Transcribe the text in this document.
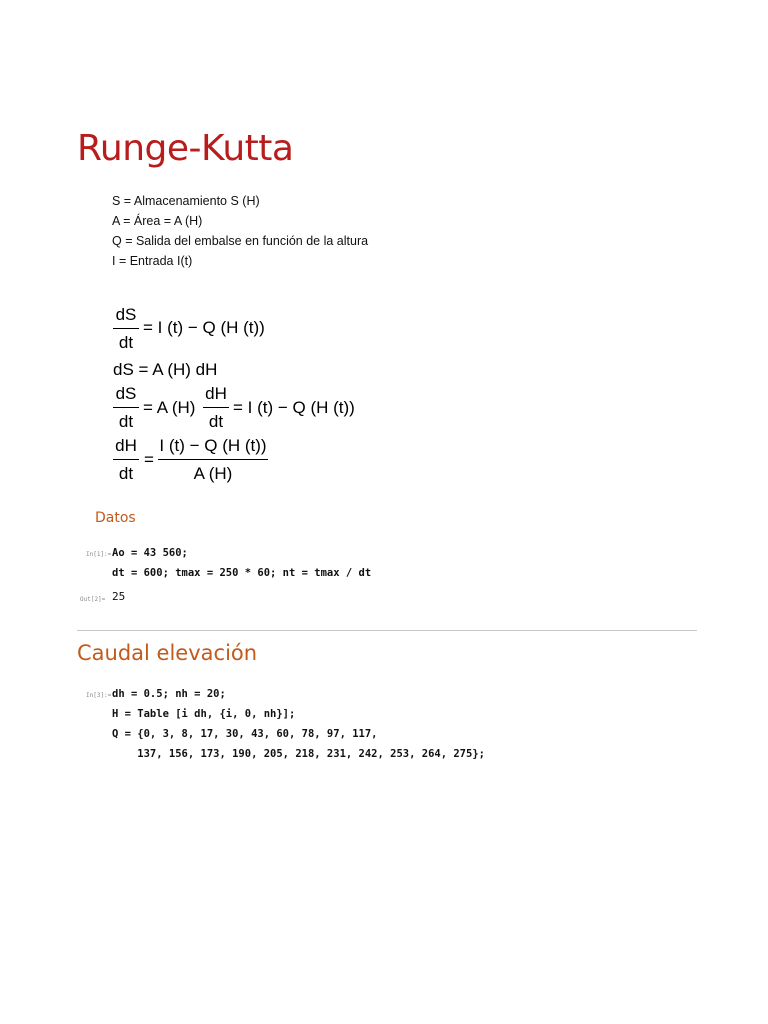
Runge-Kutta
S = Almacenamiento S (H)
A = Área = A (H)
Q = Salida del embalse en función de la altura
I = Entrada I(t)
dS
dt
= I (t) − Q (H (t))
dS = A (H) dH
dS
dt
= A (H)
dH
dt
= I (t) − Q (H (t))
dH
dt
=
I (t) − Q (H (t))
A (H)
Datos
In[1]:= Ao = 43 560;
dt = 600; tmax = 250 * 60; nt = tmax / dt
Out[2]= 25
Caudal elevación
In[3]:= dh = 0.5; nh = 20;
H = Table [i dh, {i, 0, nh}];
Q = {0, 3, 8, 17, 30, 43, 60, 78, 97, 117,
137, 156, 173, 190, 205, 218, 231, 242, 253, 264, 275};
